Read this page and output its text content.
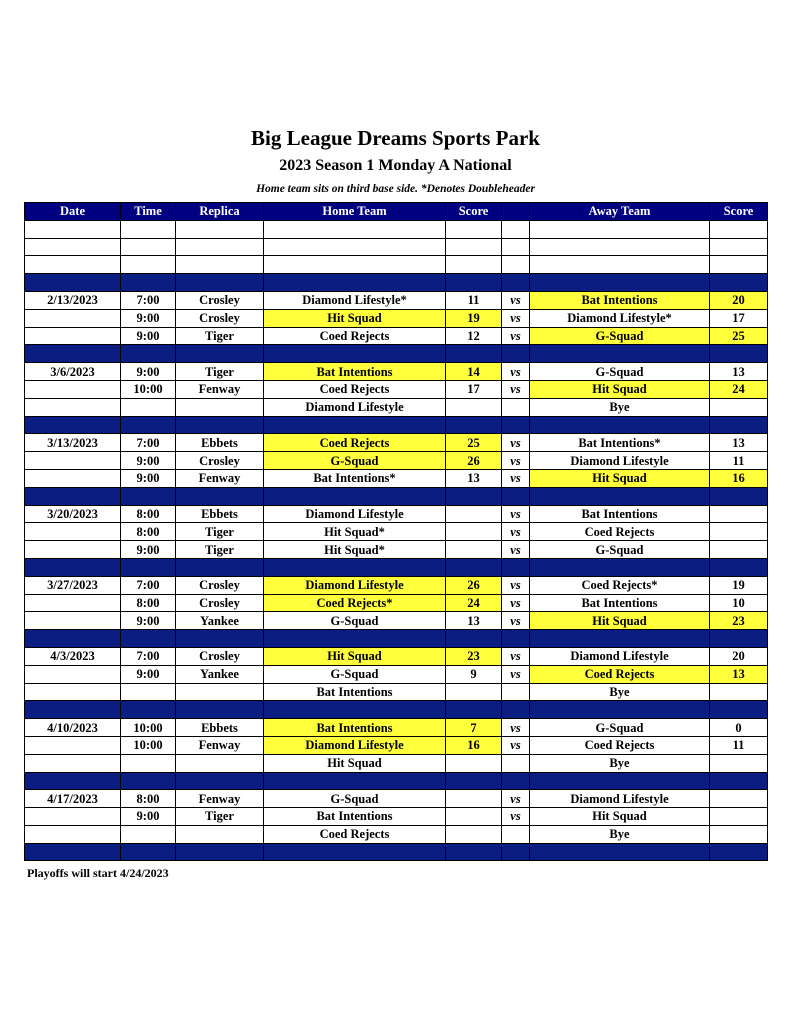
Big League Dreams Sports Park
2023 Season 1 Monday A National
Home team sits on third base side. *Denotes Doubleheader
Date	Time	Replica	Home Team	Score		Away Team	Score

2/13/2023	7:00	Crosley	Diamond Lifestyle*	11	vs	Bat Intentions	20
	9:00	Crosley	Hit Squad	19	vs	Diamond Lifestyle*	17
	9:00	Tiger	Coed Rejects	12	vs	G-Squad	25

3/6/2023	9:00	Tiger	Bat Intentions	14	vs	G-Squad	13
	10:00	Fenway	Coed Rejects	17	vs	Hit Squad	24
			Diamond Lifestyle			Bye	

3/13/2023	7:00	Ebbets	Coed Rejects	25	vs	Bat Intentions*	13
	9:00	Crosley	G-Squad	26	vs	Diamond Lifestyle	11
	9:00	Fenway	Bat Intentions*	13	vs	Hit Squad	16

3/20/2023	8:00	Ebbets	Diamond Lifestyle		vs	Bat Intentions	
	8:00	Tiger	Hit Squad*		vs	Coed Rejects	
	9:00	Tiger	Hit Squad*		vs	G-Squad	

3/27/2023	7:00	Crosley	Diamond Lifestyle	26	vs	Coed Rejects*	19
	8:00	Crosley	Coed Rejects*	24	vs	Bat Intentions	10
	9:00	Yankee	G-Squad	13	vs	Hit Squad	23

4/3/2023	7:00	Crosley	Hit Squad	23	vs	Diamond Lifestyle	20
	9:00	Yankee	G-Squad	9	vs	Coed Rejects	13
			Bat Intentions			Bye	

4/10/2023	10:00	Ebbets	Bat Intentions	7	vs	G-Squad	0
	10:00	Fenway	Diamond Lifestyle	16	vs	Coed Rejects	11
			Hit Squad			Bye	

4/17/2023	8:00	Fenway	G-Squad		vs	Diamond Lifestyle	
	9:00	Tiger	Bat Intentions		vs	Hit Squad	
			Coed Rejects			Bye	

Playoffs will start 4/24/2023
